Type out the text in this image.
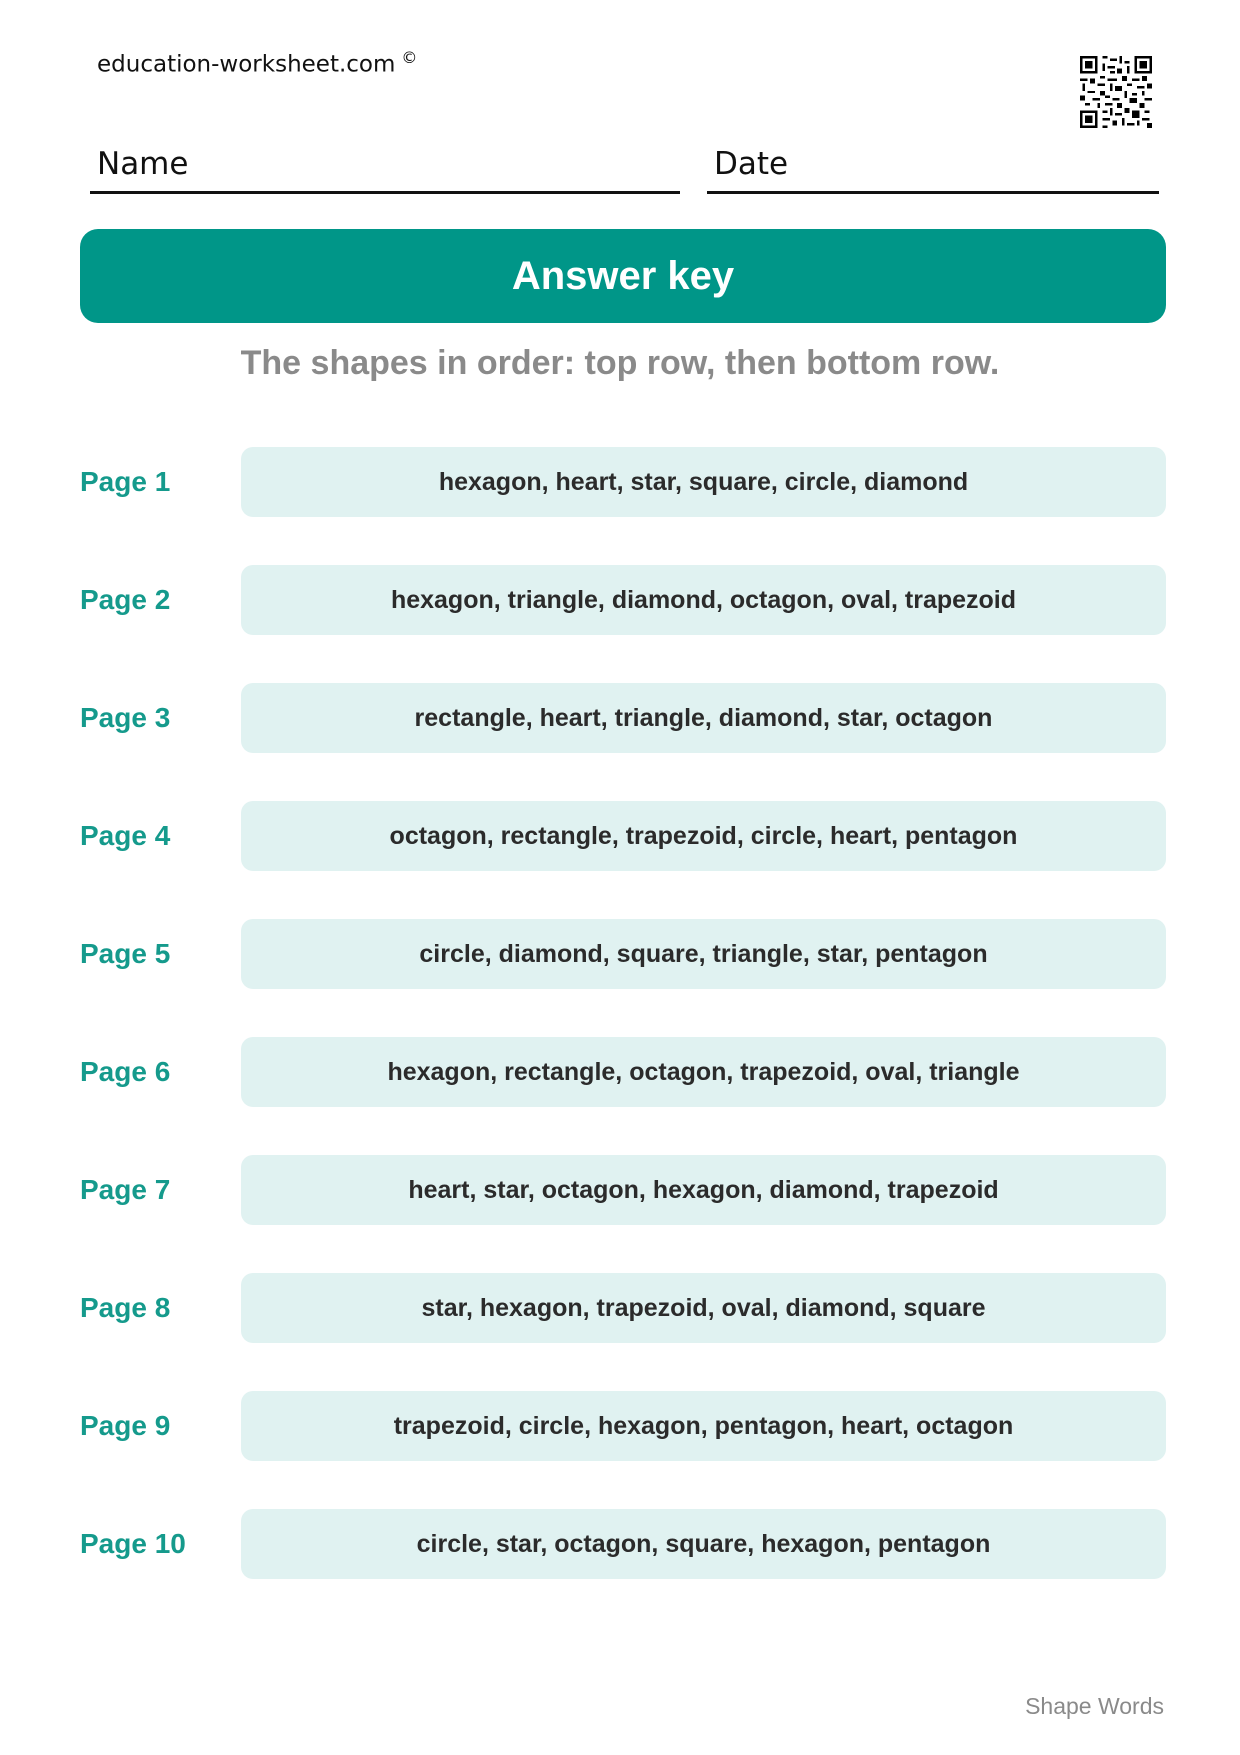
education-worksheet.com ©
Name	Date
Answer key
The shapes in order: top row, then bottom row.
Page 1	hexagon, heart, star, square, circle, diamond
Page 2	hexagon, triangle, diamond, octagon, oval, trapezoid
Page 3	rectangle, heart, triangle, diamond, star, octagon
Page 4	octagon, rectangle, trapezoid, circle, heart, pentagon
Page 5	circle, diamond, square, triangle, star, pentagon
Page 6	hexagon, rectangle, octagon, trapezoid, oval, triangle
Page 7	heart, star, octagon, hexagon, diamond, trapezoid
Page 8	star, hexagon, trapezoid, oval, diamond, square
Page 9	trapezoid, circle, hexagon, pentagon, heart, octagon
Page 10	circle, star, octagon, square, hexagon, pentagon
Shape Words
